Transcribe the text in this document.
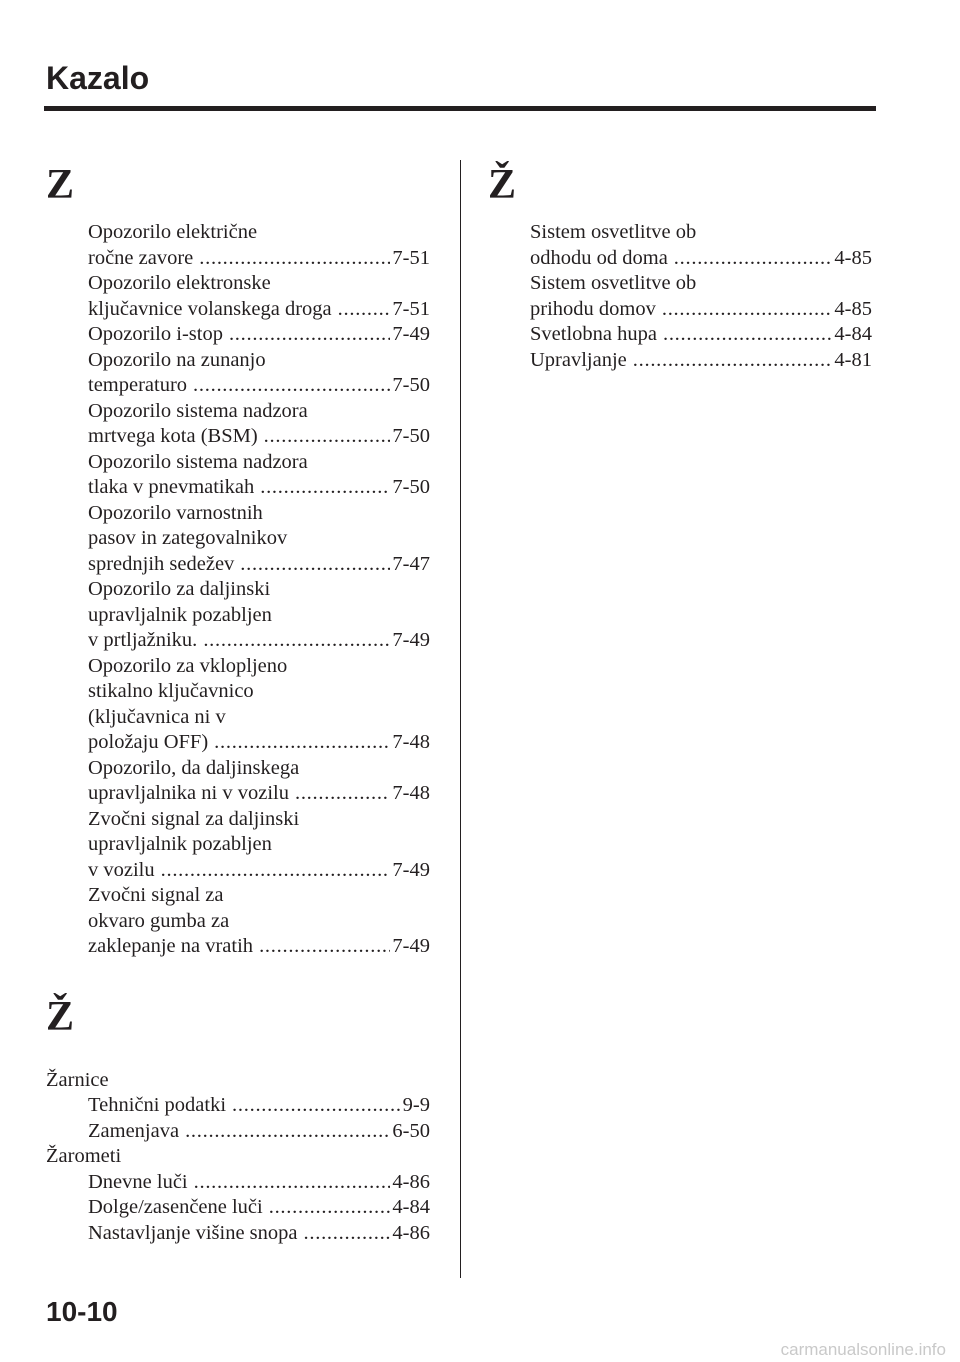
Kazalo
Z
Opozorilo električne
ročne zavore . . .	7-51
Opozorilo elektronske
ključavnice volanskega droga . . .	7-51
Opozorilo i-stop . . .	7-49
Opozorilo na zunanjo
temperaturo . . .	7-50
Opozorilo sistema nadzora
mrtvega kota (BSM) . . .	7-50
Opozorilo sistema nadzora
tlaka v pnevmatikah . . .	7-50
Opozorilo varnostnih
pasov in zategovalnikov
sprednjih sedežev . . .	7-47
Opozorilo za daljinski
upravljalnik pozabljen
v prtljažniku. . . .	7-49
Opozorilo za vklopljeno
stikalno ključavnico
(ključavnica ni v
položaju OFF) . . .	7-48
Opozorilo, da daljinskega
upravljalnika ni v vozilu . . .	7-48
Zvočni signal za daljinski
upravljalnik pozabljen
v vozilu . . .	7-49
Zvočni signal za
okvaro gumba za
zaklepanje na vratih . . .	7-49
Ž
Žarnice
Tehnični podatki . . .	9-9
Zamenjava . . .	6-50
Žarometi
Dnevne luči . . .	4-86
Dolge/zasenčene luči . . .	4-84
Nastavljanje višine snopa . . .	4-86
Ž
Sistem osvetlitve ob
odhodu od doma . . .	4-85
Sistem osvetlitve ob
prihodu domov . . .	4-85
Svetlobna hupa . . .	4-84
Upravljanje . . .	4-81
10-10
carmanualsonline.info
